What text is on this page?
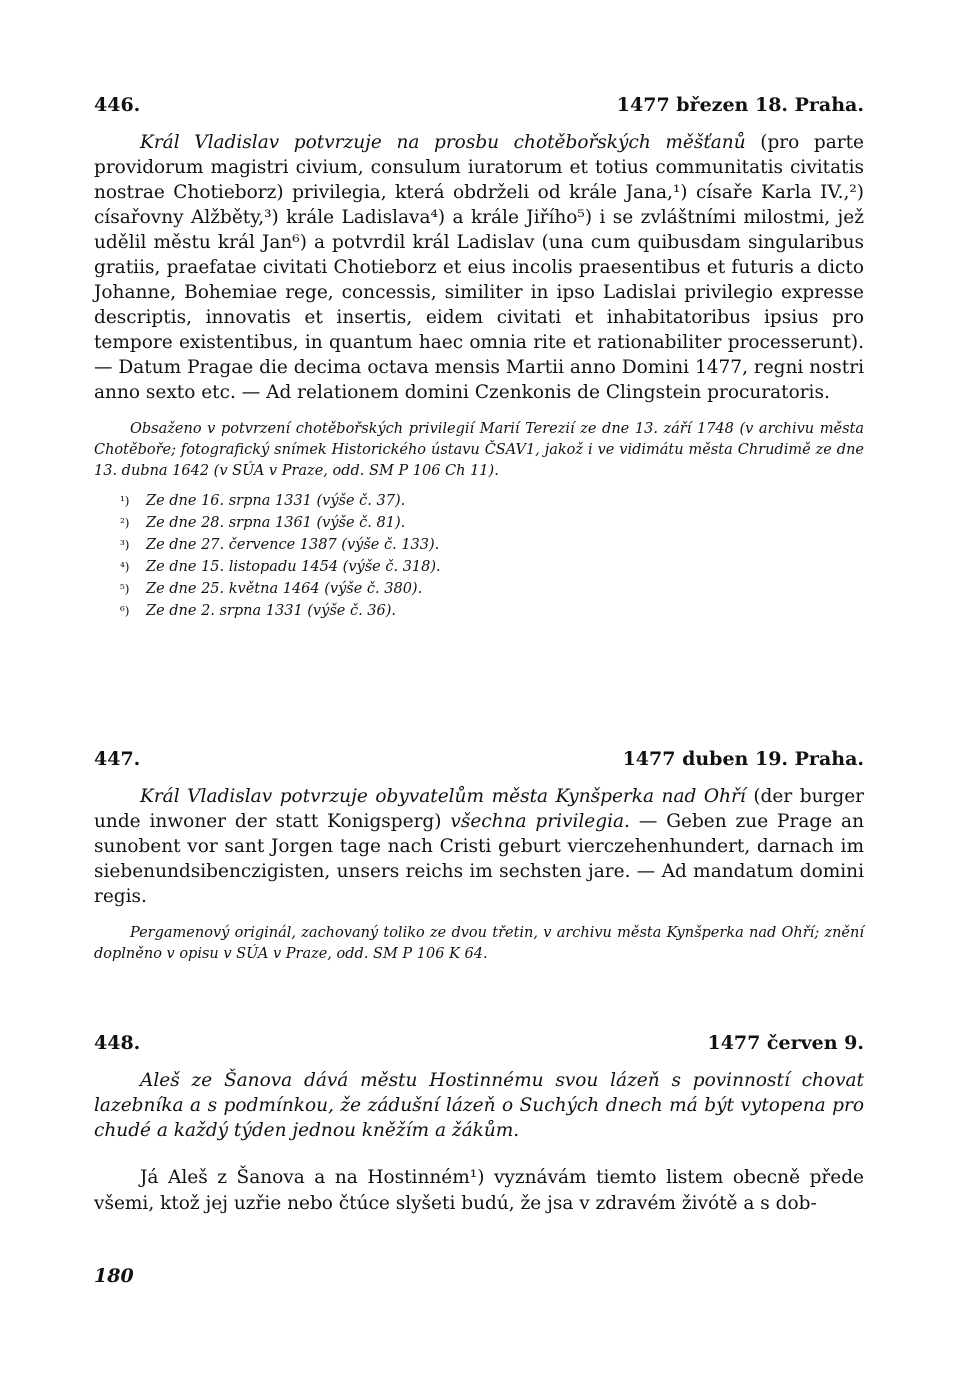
446.	1477 březen 18. Praha.

Král Vladislav potvrzuje na prosbu chotěbořských měšťanů (pro parte providorum magistri civium, consulum iuratorum et totius communitatis civitatis nostrae Chotieborz) privilegia, která obdrželi od krále Jana,¹) císaře Karla IV.,²) císařovny Alžběty,³) krále Ladislava⁴) a krále Jiřího⁵) i se zvláštními milostmi, jež udělil městu král Jan⁶) a potvrdil král Ladislav (una cum quibusdam singularibus gratiis, praefatae civitati Chotieborz et eius incolis praesentibus et futuris a dicto Johanne, Bohemiae rege, concessis, similiter in ipso Ladislai privilegio expresse descriptis, innovatis et insertis, eidem civitati et inhabitatoribus ipsius pro tempore existentibus, in quantum haec omnia rite et rationabiliter processerunt). — Datum Pragae die decima octava mensis Martii anno Domini 1477, regni nostri anno sexto etc. — Ad relationem domini Czenkonis de Clingstein procuratoris.

Obsaženo v potvrzení chotěbořských privilegií Marií Terezií ze dne 13. září 1748 (v archivu města Chotěboře; fotografický snímek Historického ústavu ČSAV1, jakož i ve vidimátu města Chrudimě ze dne 13. dubna 1642 (v SÚA v Praze, odd. SM P 106 Ch 11).

¹)	Ze dne 16. srpna 1331 (výše č. 37).
²)	Ze dne 28. srpna 1361 (výše č. 81).
³)	Ze dne 27. července 1387 (výše č. 133).
⁴)	Ze dne 15. listopadu 1454 (výše č. 318).
⁵)	Ze dne 25. května 1464 (výše č. 380).
⁶)	Ze dne 2. srpna 1331 (výše č. 36).
447.	1477 duben 19. Praha.

Král Vladislav potvrzuje obyvatelům města Kynšperka nad Ohří (der burger unde inwoner der statt Konigsperg) všechna privilegia. — Geben zue Prage an sunobent vor sant Jorgen tage nach Cristi geburt vierczehenhundert, darnach im siebenundsibenczigisten, unsers reichs im sechsten jare. — Ad mandatum domini regis.

Pergamenový originál, zachovaný toliko ze dvou třetin, v archivu města Kynšperka nad Ohří; znění doplněno v opisu v SÚA v Praze, odd. SM P 106 K 64.

448.	1477 červen 9.

Aleš ze Šanova dává městu Hostinnému svou lázeň s povinností chovat lazebníka a s podmínkou, že zádušní lázeň o Suchých dnech má být vytopena pro chudé a každý týden jednou kněžím a žákům.

Já Aleš z Šanova a na Hostinném¹) vyznávám tiemto listem obecně přede všemi, ktož jej uzřie nebo čtúce slyšeti budú, že jsa v zdravém živótě a s dob-

180
